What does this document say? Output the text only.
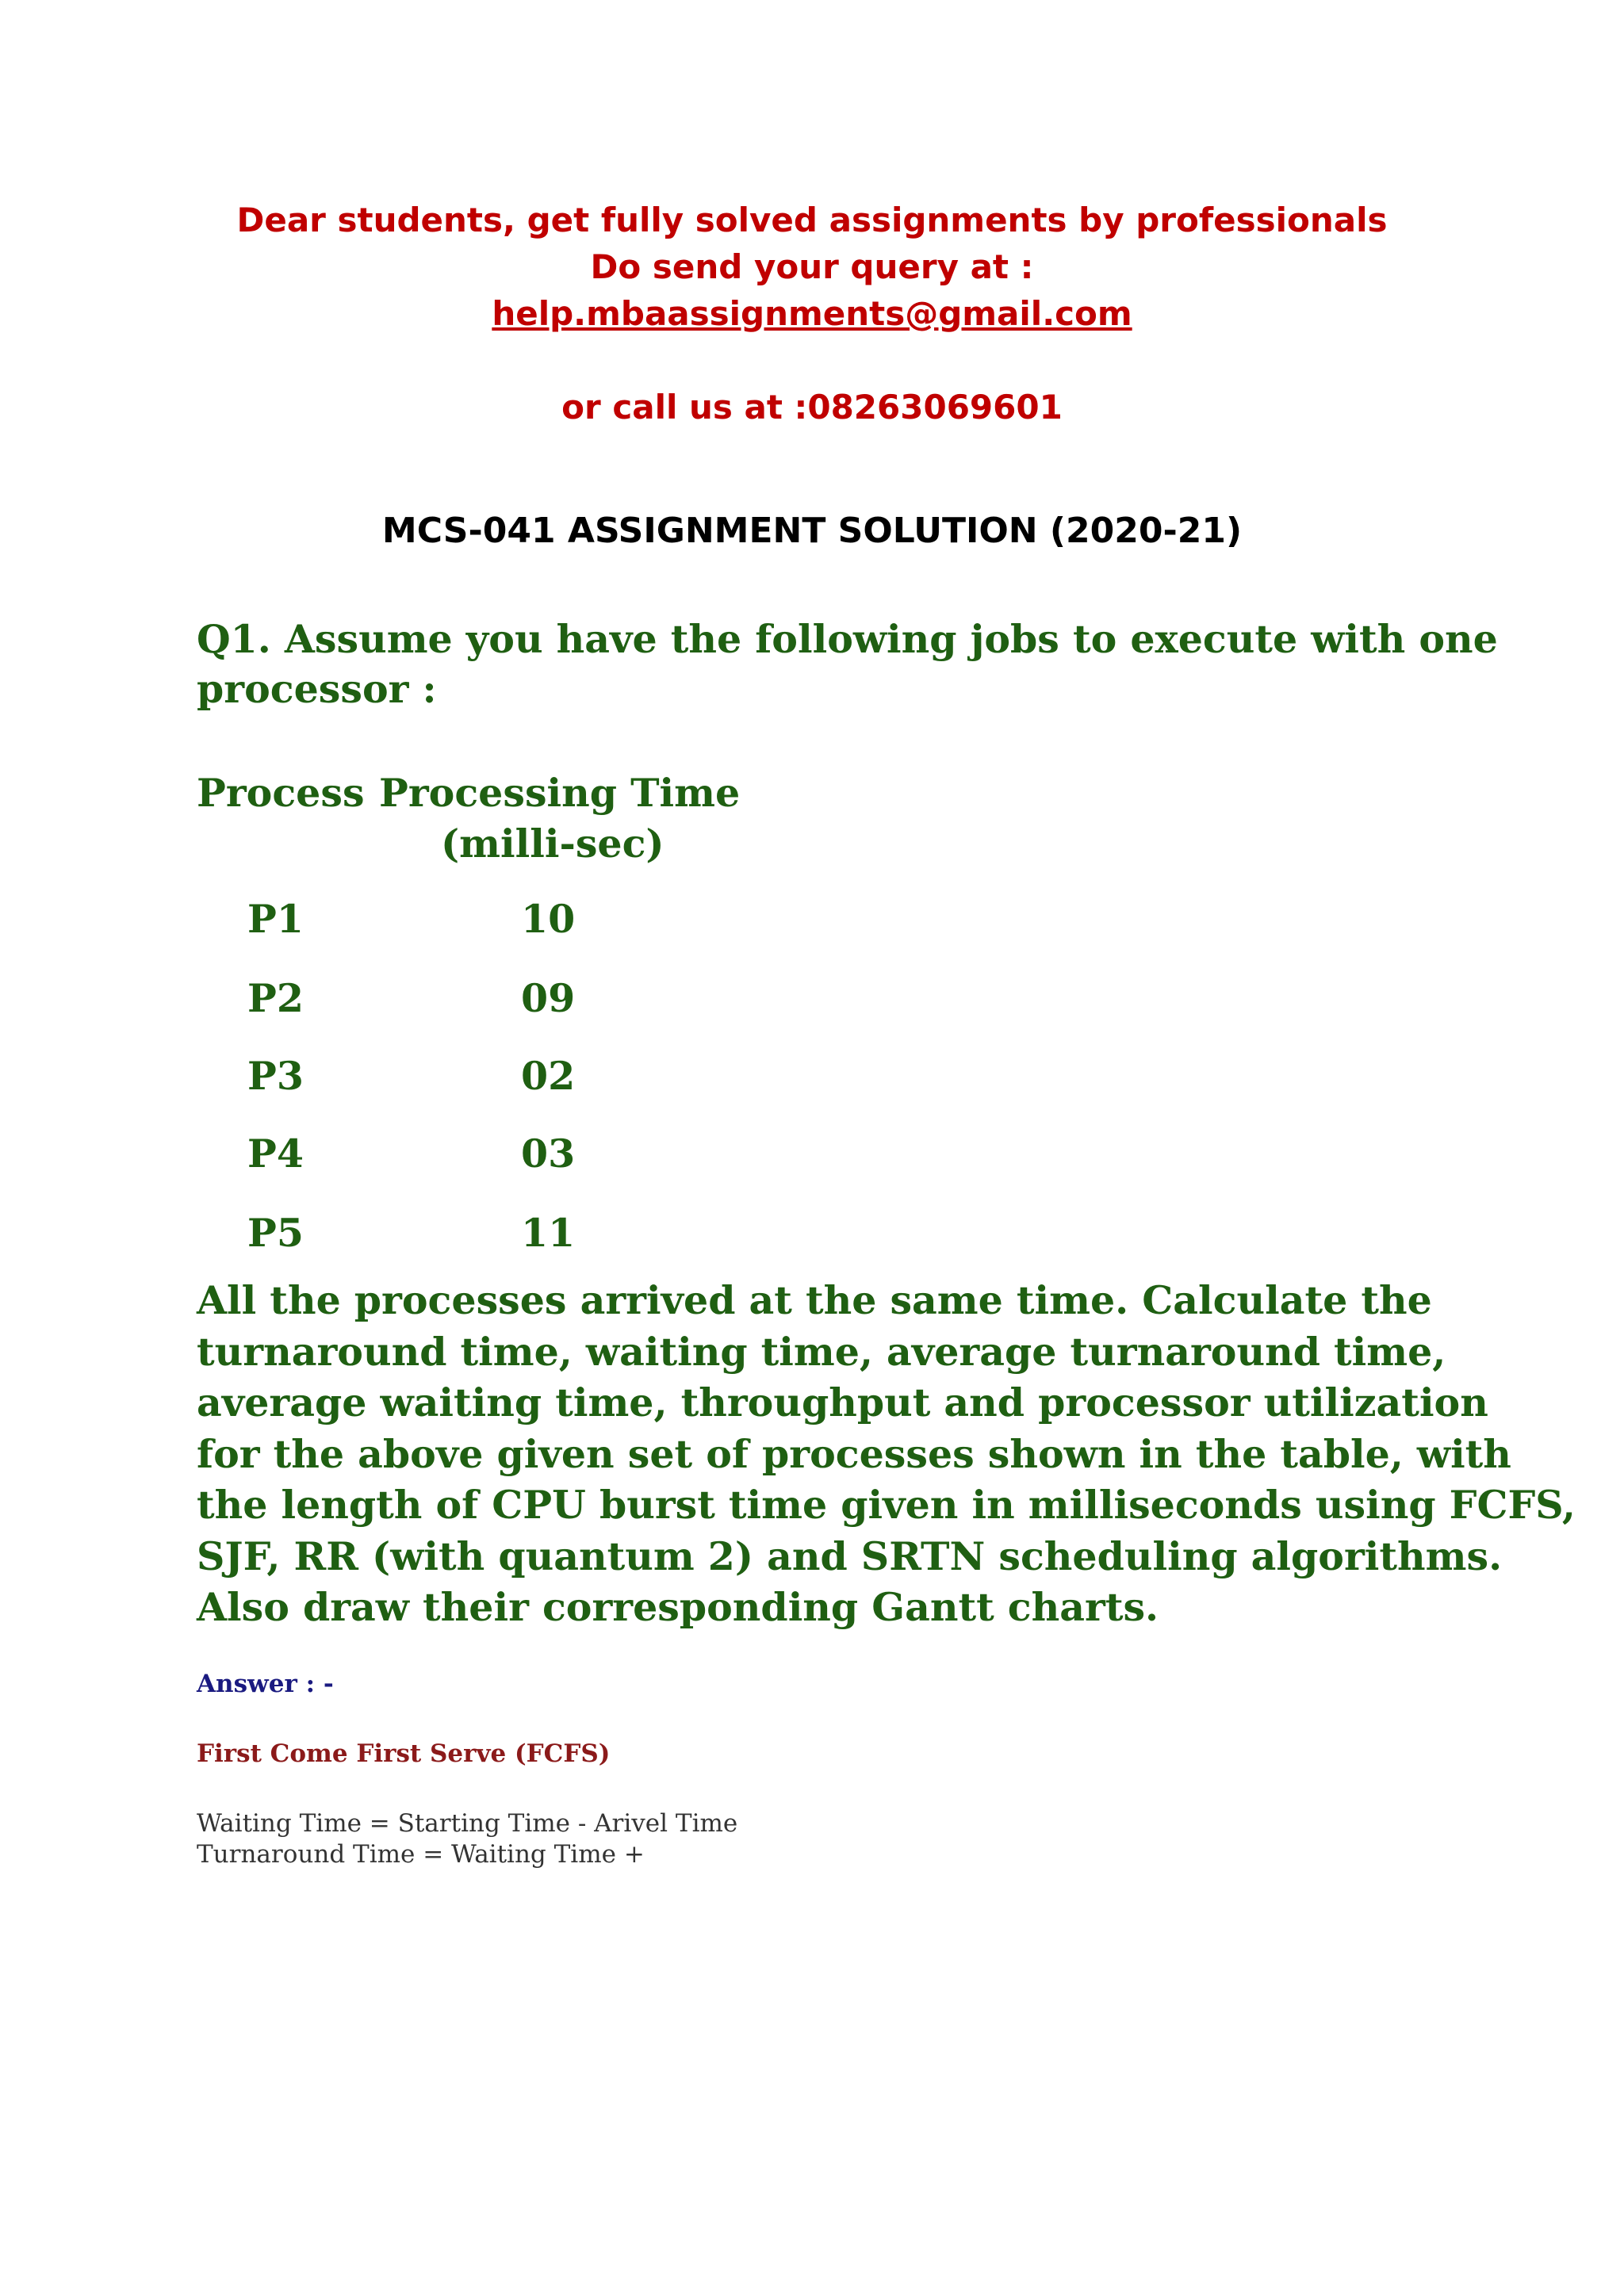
Dear students, get fully solved assignments by professionals
Do send your query at :
help.mbaassignments@gmail.com
or call us at :08263069601
MCS-041 ASSIGNMENT SOLUTION (2020-21)
Q1. Assume you have the following jobs to execute with one
processor :
Process Processing Time
(milli-sec)
P1	10
P2	09
P3	02
P4	03
P5	11
All the processes arrived at the same time. Calculate the
turnaround time, waiting time, average turnaround time,
average waiting time, throughput and processor utilization
for the above given set of processes shown in the table, with
the length of CPU burst time given in milliseconds using FCFS,
SJF, RR (with quantum 2) and SRTN scheduling algorithms.
Also draw their corresponding Gantt charts.
Answer : -
First Come First Serve (FCFS)
Waiting Time = Starting Time - Arivel Time
Turnaround Time = Waiting Time +
